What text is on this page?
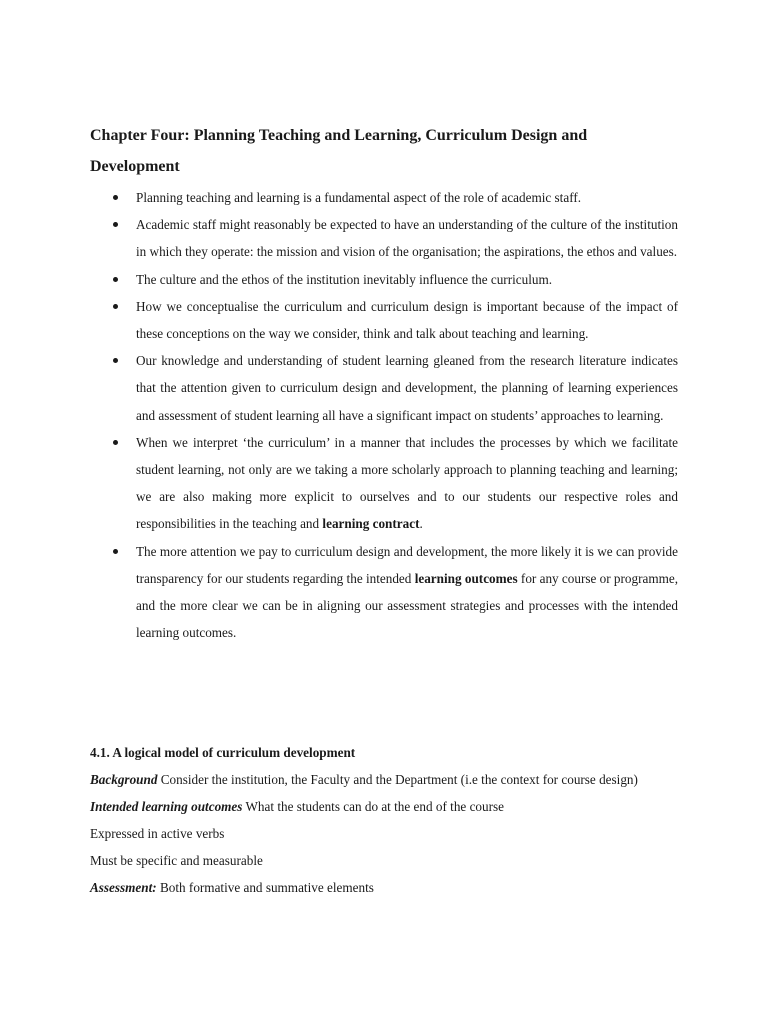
Chapter Four: Planning Teaching and Learning, Curriculum Design and
Development
Planning teaching and learning is a fundamental aspect of the role of academic staff.
Academic staff might reasonably be expected to have an understanding of the culture of the institution in which they operate: the mission and vision of the organisation; the aspirations, the ethos and values.
The culture and the ethos of the institution inevitably influence the curriculum.
How we conceptualise the curriculum and curriculum design is important because of the impact of these conceptions on the way we consider, think and talk about teaching and learning.
Our knowledge and understanding of student learning gleaned from the research literature indicates that the attention given to curriculum design and development, the planning of learning experiences and assessment of student learning all have a significant impact on students’ approaches to learning.
When we interpret ‘the curriculum’ in a manner that includes the processes by which we facilitate student learning, not only are we taking a more scholarly approach to planning teaching and learning; we are also making more explicit to ourselves and to our students our respective roles and responsibilities in the teaching and learning contract.
The more attention we pay to curriculum design and development, the more likely it is we can provide transparency for our students regarding the intended learning outcomes for any course or programme, and the more clear we can be in aligning our assessment strategies and processes with the intended learning outcomes.
4.1. A logical model of curriculum development
Background Consider the institution, the Faculty and the Department (i.e the context for course design)
Intended learning outcomes What the students can do at the end of the course
Expressed in active verbs
Must be specific and measurable
Assessment: Both formative and summative elements
